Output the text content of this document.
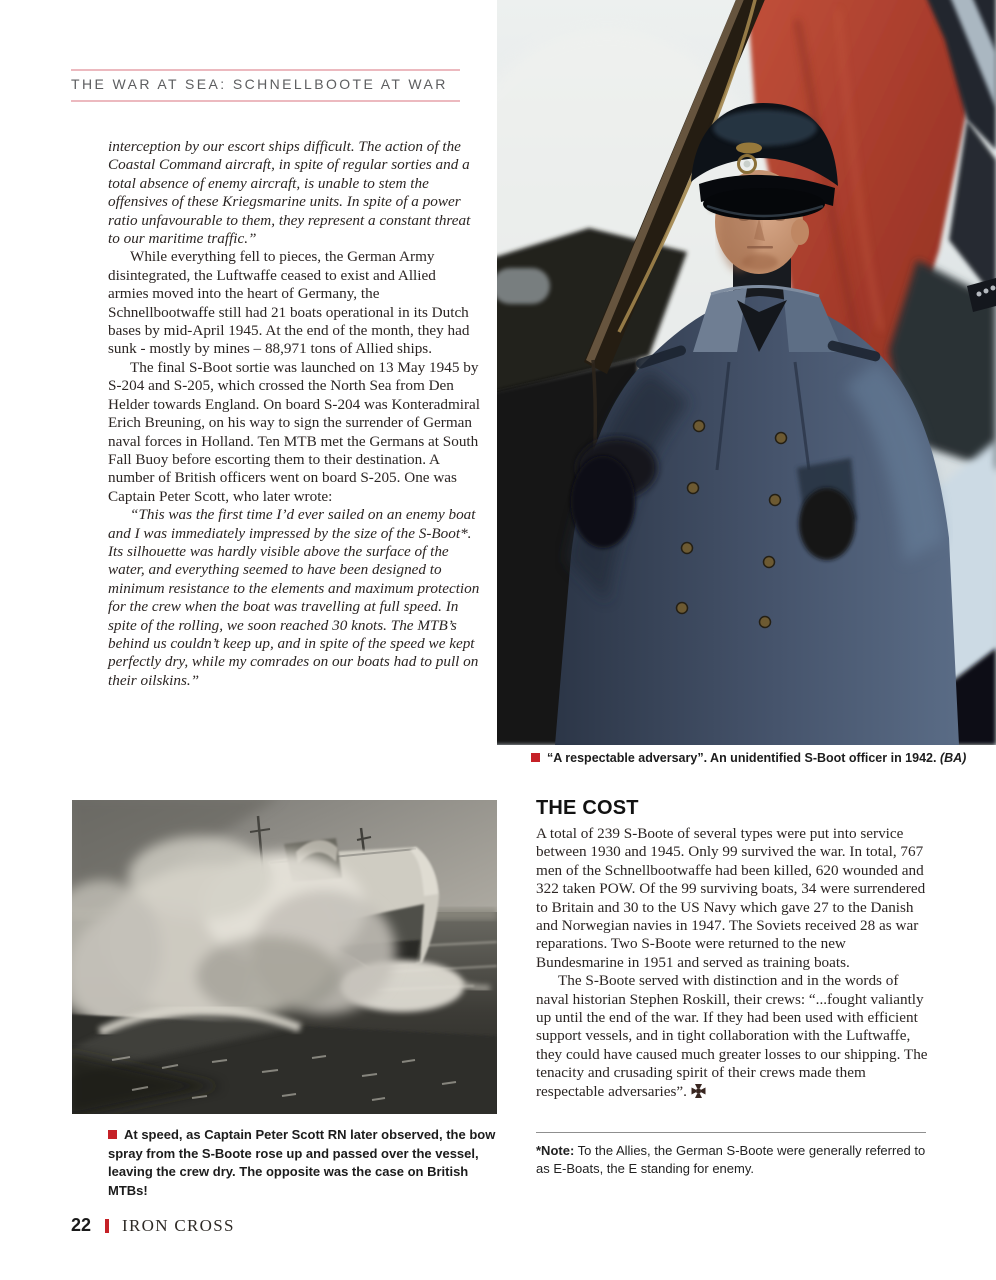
THE WAR AT SEA: SCHNELLBOOTE AT WAR

interception by our escort ships difficult. The action of the Coastal Command aircraft, in spite of regular sorties and a total absence of enemy aircraft, is unable to stem the offensives of these Kriegsmarine units. In spite of a power ratio unfavourable to them, they represent a constant threat to our maritime traffic.”

While everything fell to pieces, the German Army disintegrated, the Luftwaffe ceased to exist and Allied armies moved into the heart of Germany, the Schnellbootwaffe still had 21 boats operational in its Dutch bases by mid-April 1945. At the end of the month, they had sunk - mostly by mines – 88,971 tons of Allied ships.

The final S-Boot sortie was launched on 13 May 1945 by S-204 and S-205, which crossed the North Sea from Den Helder towards England. On board S-204 was Konteradmiral Erich Breuning, on his way to sign the surrender of German naval forces in Holland. Ten MTB met the Germans at South Fall Buoy before escorting them to their destination. A number of British officers went on board S-205. One was Captain Peter Scott, who later wrote:

“This was the first time I’d ever sailed on an enemy boat and I was immediately impressed by the size of the S-Boot*. Its silhouette was hardly visible above the surface of the water, and everything seemed to have been designed to minimum resistance to the elements and maximum protection for the crew when the boat was travelling at full speed. In spite of the rolling, we soon reached 30 knots. The MTB’s behind us couldn’t keep up, and in spite of the speed we kept perfectly dry, while my comrades on our boats had to pull on their oilskins.”

“A respectable adversary”. An unidentified S-Boot officer in 1942. (BA)
At speed, as Captain Peter Scott RN later observed, the bow spray from the S-Boote rose up and passed over the vessel, leaving the crew dry. The opposite was the case on British MTBs!
THE COST

A total of 239 S-Boote of several types were put into service between 1930 and 1945. Only 99 survived the war. In total, 767 men of the Schnellbootwaffe had been killed, 620 wounded and 322 taken POW. Of the 99 surviving boats, 34 were surrendered to Britain and 30 to the US Navy which gave 27 to the Danish and Norwegian navies in 1947. The Soviets received 28 as war reparations. Two S-Boote were returned to the new Bundesmarine in 1951 and served as training boats.

The S-Boote served with distinction and in the words of naval historian Stephen Roskill, their crews: “...fought valiantly up until the end of the war. If they had been used with efficient support vessels, and in tight collaboration with the Luftwaffe, they could have caused much greater losses to our shipping. The tenacity and crusading spirit of their crews made them respectable adversaries”.

*Note: To the Allies, the German S-Boote were generally referred to as E-Boats, the E standing for enemy.
22 IRON CROSS
